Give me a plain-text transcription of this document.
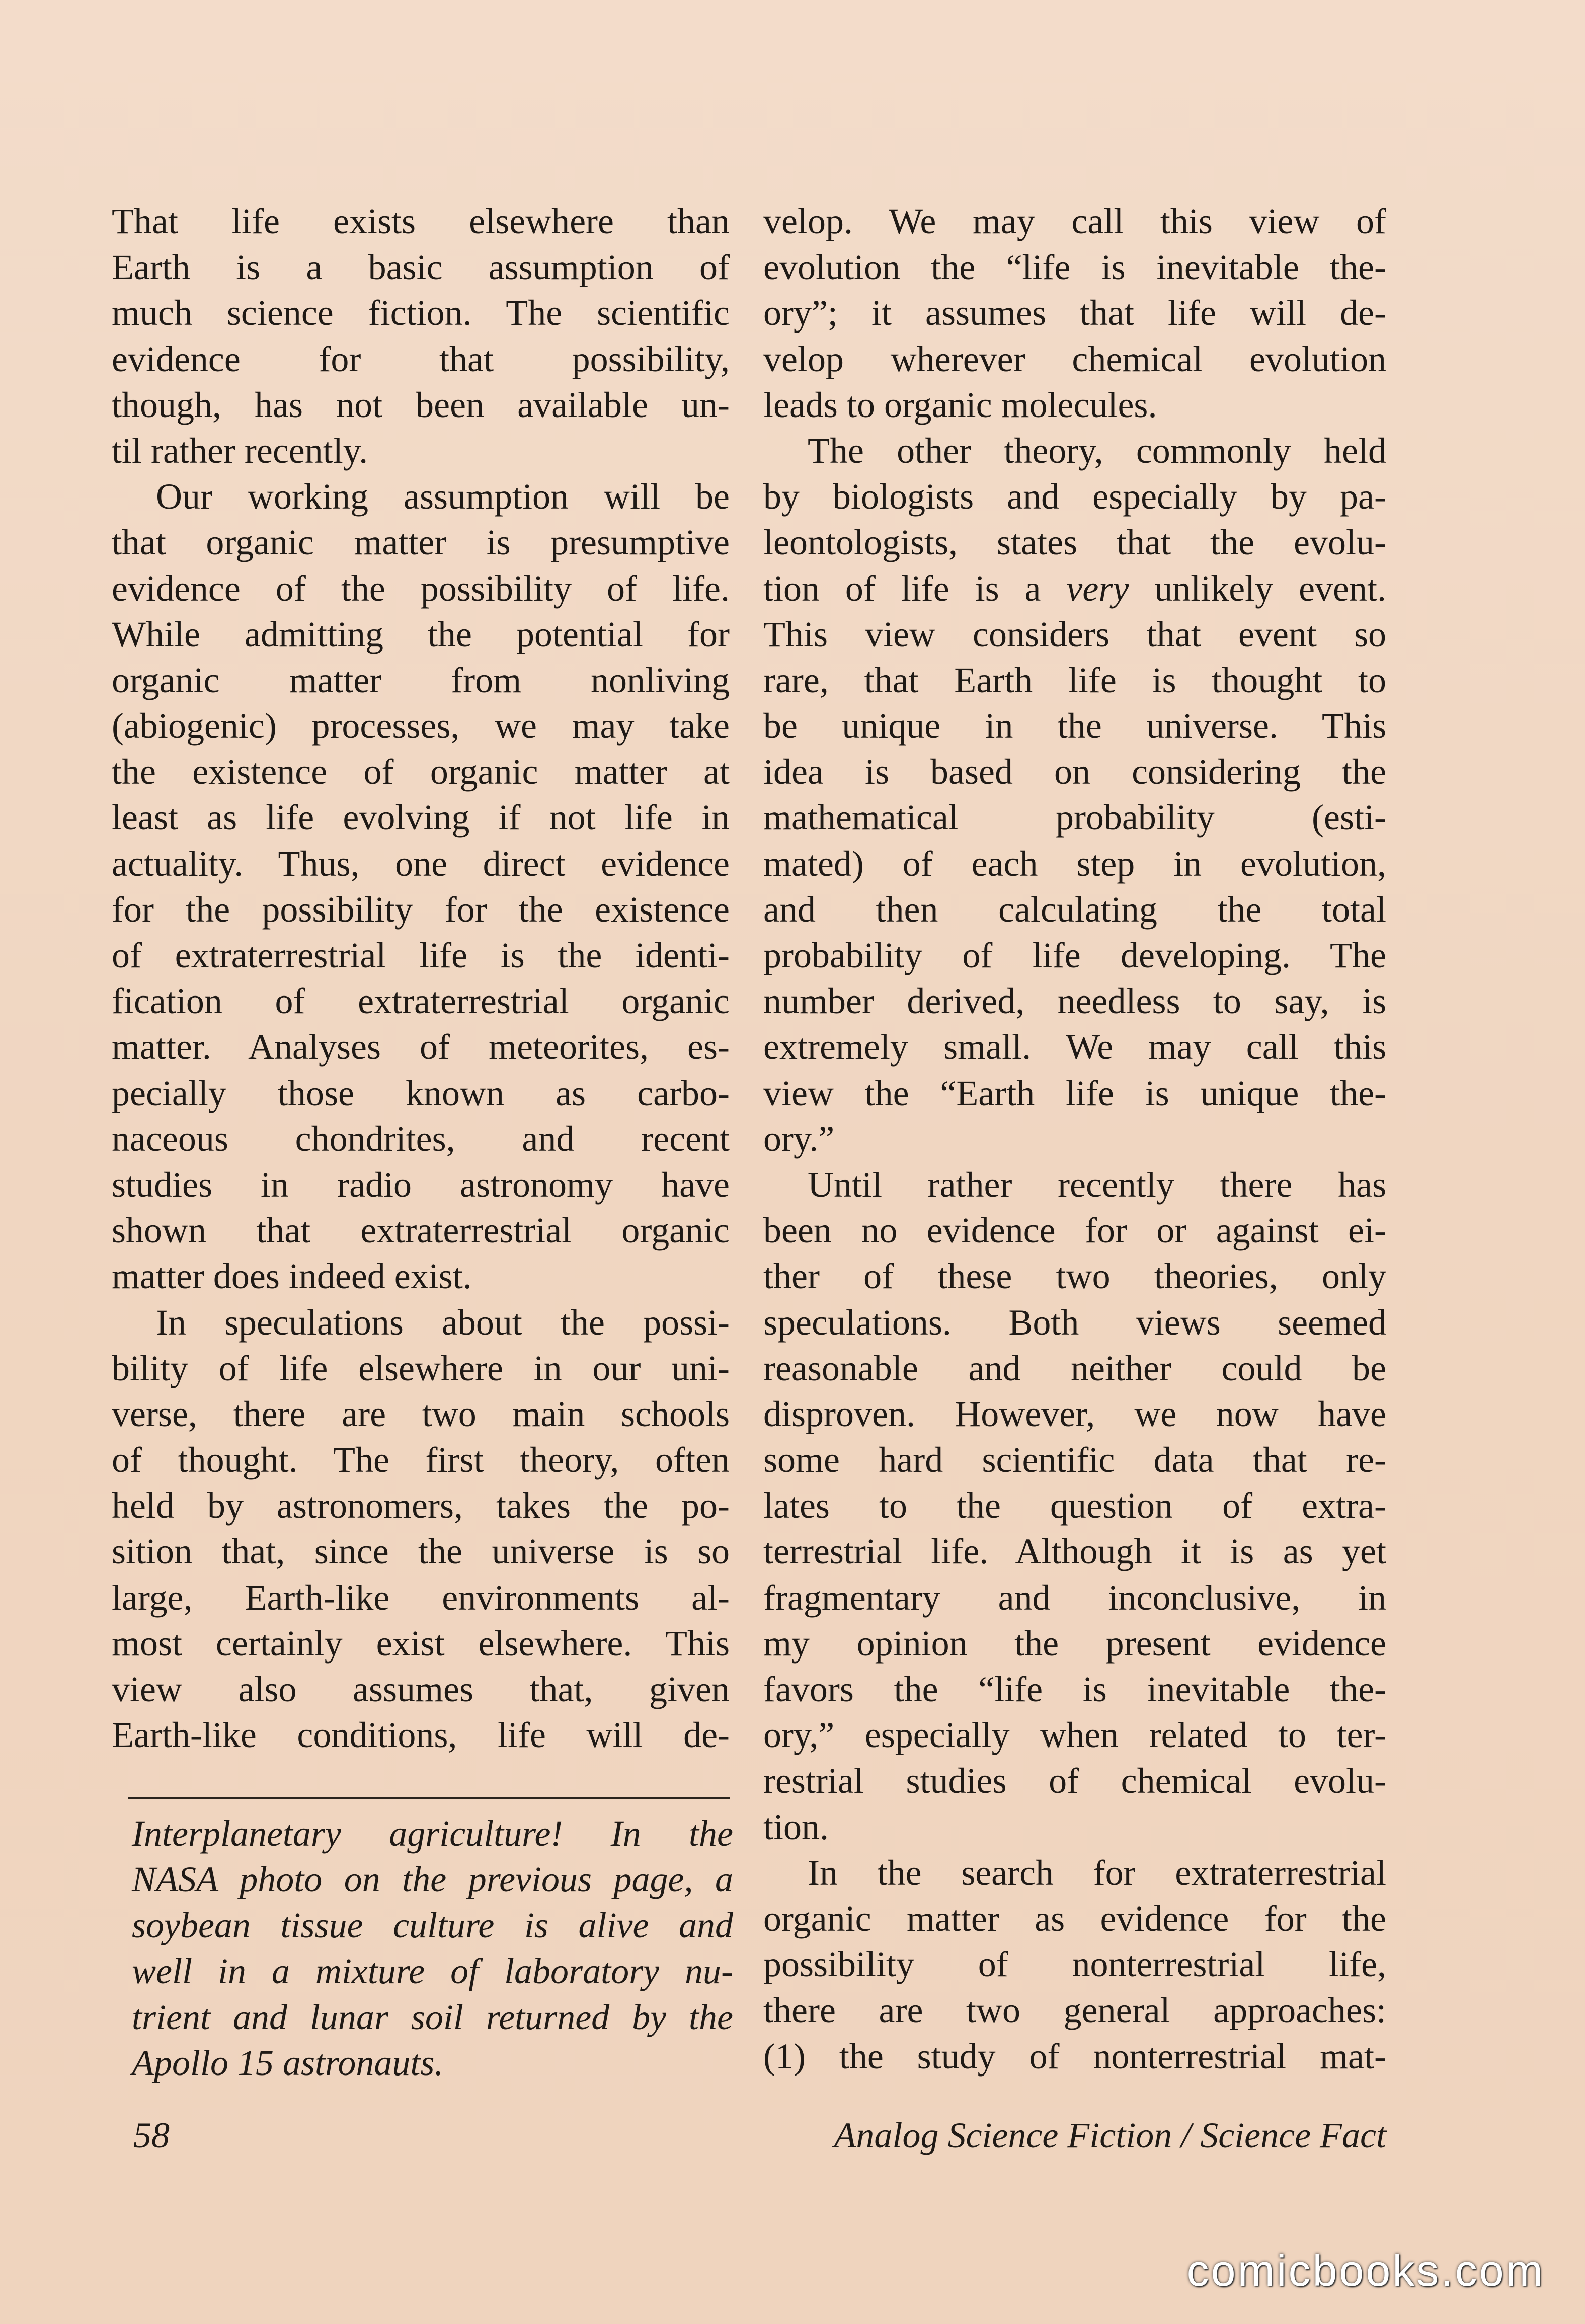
That life exists elsewhere than
Earth is a basic assumption of
much science fiction. The scientific
evidence for that possibility,
though, has not been available un-
til rather recently.
Our working assumption will be
that organic matter is presumptive
evidence of the possibility of life.
While admitting the potential for
organic matter from nonliving
(abiogenic) processes, we may take
the existence of organic matter at
least as life evolving if not life in
actuality. Thus, one direct evidence
for the possibility for the existence
of extraterrestrial life is the identi-
fication of extraterrestrial organic
matter. Analyses of meteorites, es-
pecially those known as carbo-
naceous chondrites, and recent
studies in radio astronomy have
shown that extraterrestrial organic
matter does indeed exist.
In speculations about the possi-
bility of life elsewhere in our uni-
verse, there are two main schools
of thought. The first theory, often
held by astronomers, takes the po-
sition that, since the universe is so
large, Earth-like environments al-
most certainly exist elsewhere. This
view also assumes that, given
Earth-like conditions, life will de-
Interplanetary agriculture! In the
NASA photo on the previous page, a
soybean tissue culture is alive and
well in a mixture of laboratory nu-
trient and lunar soil returned by the
Apollo 15 astronauts.
velop. We may call this view of
evolution the “life is inevitable the-
ory”; it assumes that life will de-
velop wherever chemical evolution
leads to organic molecules.
The other theory, commonly held
by biologists and especially by pa-
leontologists, states that the evolu-
tion of life is a very unlikely event.
This view considers that event so
rare, that Earth life is thought to
be unique in the universe. This
idea is based on considering the
mathematical probability (esti-
mated) of each step in evolution,
and then calculating the total
probability of life developing. The
number derived, needless to say, is
extremely small. We may call this
view the “Earth life is unique the-
ory.”
Until rather recently there has
been no evidence for or against ei-
ther of these two theories, only
speculations. Both views seemed
reasonable and neither could be
disproven. However, we now have
some hard scientific data that re-
lates to the question of extra-
terrestrial life. Although it is as yet
fragmentary and inconclusive, in
my opinion the present evidence
favors the “life is inevitable the-
ory,” especially when related to ter-
restrial studies of chemical evolu-
tion.
In the search for extraterrestrial
organic matter as evidence for the
possibility of nonterrestrial life,
there are two general approaches:
(1) the study of nonterrestrial mat-
58	Analog Science Fiction / Science Fact
comicbooks.com
